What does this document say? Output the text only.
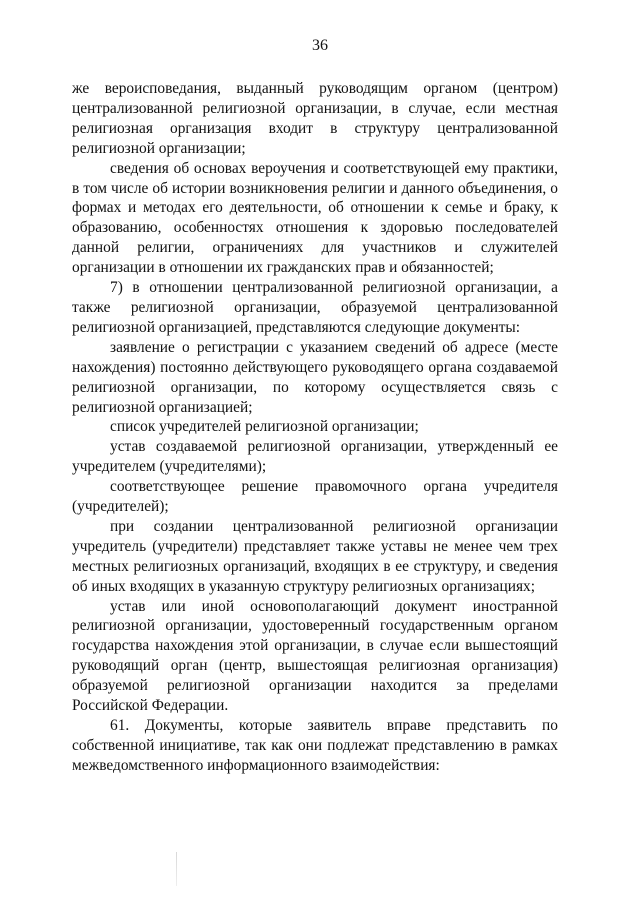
36

же вероисповедания, выданный руководящим органом (центром) централизованной религиозной организации, в случае, если местная религиозная организация входит в структуру централизованной религиозной организации;

сведения об основах вероучения и соответствующей ему практики, в том числе об истории возникновения религии и данного объединения, о формах и методах его деятельности, об отношении к семье и браку, к образованию, особенностях отношения к здоровью последователей данной религии, ограничениях для участников и служителей организации в отношении их гражданских прав и обязанностей;

7) в отношении централизованной религиозной организации, а также религиозной организации, образуемой централизованной религиозной организацией, представляются следующие документы:

заявление о регистрации с указанием сведений об адресе (месте нахождения) постоянно действующего руководящего органа создаваемой религиозной организации, по которому осуществляется связь с религиозной организацией;

список учредителей религиозной организации;

устав создаваемой религиозной организации, утвержденный ее учредителем (учредителями);

соответствующее решение правомочного органа учредителя (учредителей);

при создании централизованной религиозной организации учредитель (учредители) представляет также уставы не менее чем трех местных религиозных организаций, входящих в ее структуру, и сведения об иных входящих в указанную структуру религиозных организациях;

устав или иной основополагающий документ иностранной религиозной организации, удостоверенный государственным органом государства нахождения этой организации, в случае если вышестоящий руководящий орган (центр, вышестоящая религиозная организация) образуемой религиозной организации находится за пределами Российской Федерации.

61. Документы, которые заявитель вправе представить по собственной инициативе, так как они подлежат представлению в рамках межведомственного информационного взаимодействия:
